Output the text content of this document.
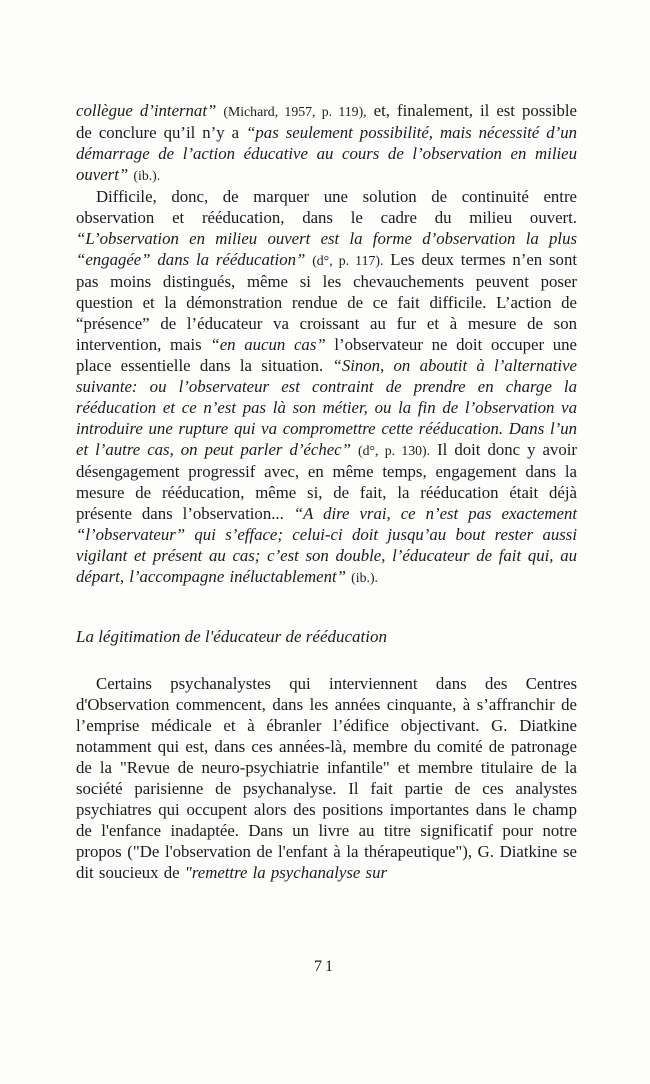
collègue d’internat” (Michard, 1957, p. 119), et, finalement, il est possible de conclure qu’il n’y a “pas seulement possibilité, mais nécessité d’un démarrage de l’action éducative au cours de l’observation en milieu ouvert” (ib.).

Difficile, donc, de marquer une solution de continuité entre observation et rééducation, dans le cadre du milieu ouvert. “L’observation en milieu ouvert est la forme d’observation la plus “engagée” dans la rééducation” (d°, p. 117). Les deux termes n’en sont pas moins distingués, même si les chevauchements peuvent poser question et la démonstration rendue de ce fait difficile. L’action de “présence” de l’éducateur va croissant au fur et à mesure de son intervention, mais “en aucun cas” l’observateur ne doit occuper une place essentielle dans la situation. “Sinon, on aboutit à l’alternative suivante: ou l’observateur est contraint de prendre en charge la rééducation et ce n’est pas là son métier, ou la fin de l’observation va introduire une rupture qui va compromettre cette rééducation. Dans l’un et l’autre cas, on peut parler d’échec” (d°, p. 130). Il doit donc y avoir désengagement progressif avec, en même temps, engagement dans la mesure de rééducation, même si, de fait, la rééducation était déjà présente dans l’observation... “A dire vrai, ce n’est pas exactement “l’observateur” qui s’efface; celui-ci doit jusqu’au bout rester aussi vigilant et présent au cas; c’est son double, l’éducateur de fait qui, au départ, l’accompagne inéluctablement” (ib.).

La légitimation de l'éducateur de rééducation

Certains psychanalystes qui interviennent dans des Centres d'Observation commencent, dans les années cinquante, à s’affranchir de l’emprise médicale et à ébranler l’édifice objectivant. G. Diatkine notamment qui est, dans ces années-là, membre du comité de patronage de la "Revue de neuro-psychiatrie infantile" et membre titulaire de la société parisienne de psychanalyse. Il fait partie de ces analystes psychiatres qui occupent alors des positions importantes dans le champ de l'enfance inadaptée. Dans un livre au titre significatif pour notre propos ("De l'observation de l'enfant à la thérapeutique"), G. Diatkine se dit soucieux de "remettre la psychanalyse sur

71
